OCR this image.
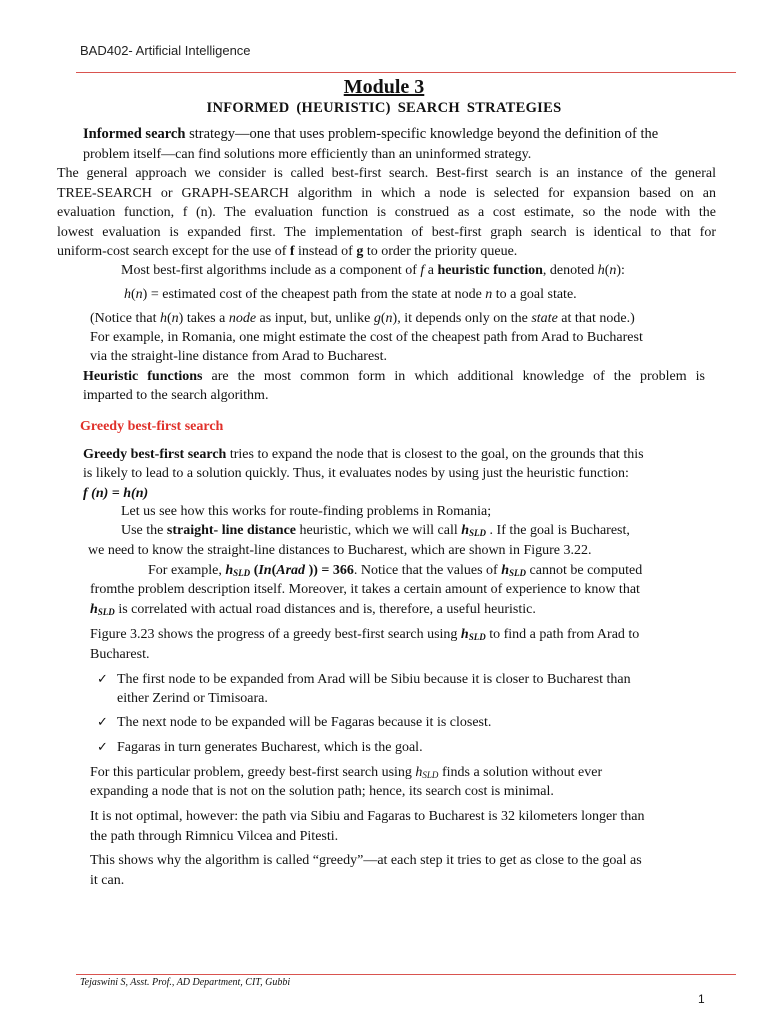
BAD402- Artificial Intelligence
Module 3
INFORMED (HEURISTIC) SEARCH STRATEGIES
Informed search strategy—one that uses problem-specific knowledge beyond the definition of the
problem itself—can find solutions more efficiently than an uninformed strategy.
The general approach we consider is called best-first search. Best-first search is an instance of the general
TREE-SEARCH or GRAPH-SEARCH algorithm in which a node is selected for expansion based on an
evaluation function, f (n). The evaluation function is construed as a cost estimate, so the node with the
lowest evaluation is expanded first. The implementation of best-first graph search is identical to that for
uniform-cost search except for the use of f instead of g to order the priority queue.
Most best-first algorithms include as a component of f a heuristic function, denoted h(n):
h(n) = estimated cost of the cheapest path from the state at node n to a goal state.
(Notice that h(n) takes a node as input, but, unlike g(n), it depends only on the state at that node.)
For example, in Romania, one might estimate the cost of the cheapest path from Arad to Bucharest
via the straight-line distance from Arad to Bucharest.
Heuristic functions are the most common form in which additional knowledge of the problem is
imparted to the search algorithm.
Greedy best-first search
Greedy best-first search tries to expand the node that is closest to the goal, on the grounds that this
is likely to lead to a solution quickly. Thus, it evaluates nodes by using just the heuristic function:
f (n) = h(n)
Let us see how this works for route-finding problems in Romania;
Use the straight- line distance heuristic, which we will call $h_{SLD}$ . If the goal is Bucharest,
we need to know the straight-line distances to Bucharest, which are shown in Figure 3.22.
For example, $h_{SLD}$ (In(Arad )) = 366. Notice that the values of $h_{SLD}$ cannot be computed
fromthe problem description itself. Moreover, it takes a certain amount of experience to know that
$h_{SLD}$ is correlated with actual road distances and is, therefore, a useful heuristic.
Figure 3.23 shows the progress of a greedy best-first search using $h_{SLD}$ to find a path from Arad to
Bucharest.
✓ The first node to be expanded from Arad will be Sibiu because it is closer to Bucharest than
either Zerind or Timisoara.
✓ The next node to be expanded will be Fagaras because it is closest.
✓ Fagaras in turn generates Bucharest, which is the goal.
For this particular problem, greedy best-first search using $h_{SLD}$ finds a solution without ever
expanding a node that is not on the solution path; hence, its search cost is minimal.
It is not optimal, however: the path via Sibiu and Fagaras to Bucharest is 32 kilometers longer than
the path through Rimnicu Vilcea and Pitesti.
This shows why the algorithm is called “greedy”—at each step it tries to get as close to the goal as
it can.
Tejaswini S, Asst. Prof., AD Department, CIT, Gubbi
1
